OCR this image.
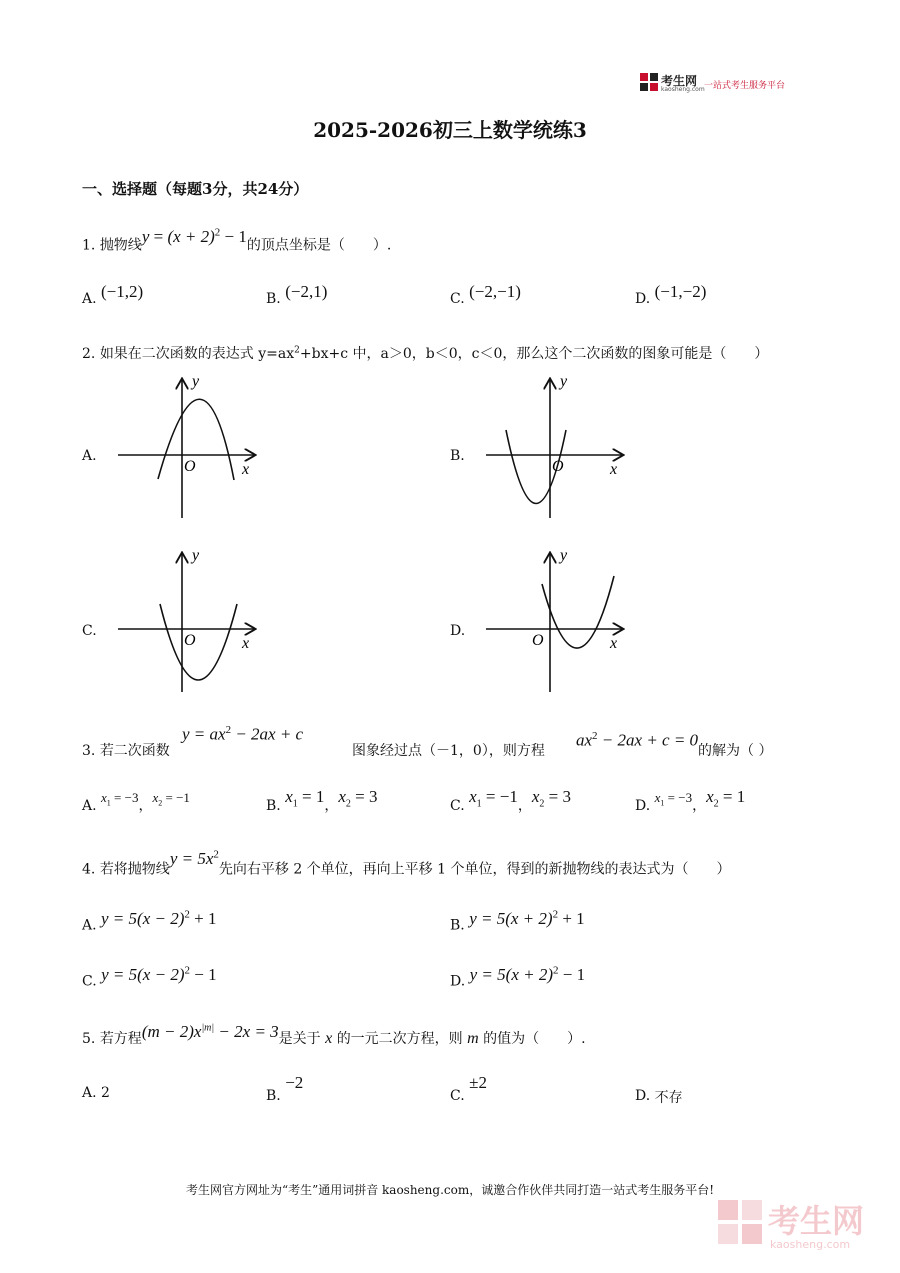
考生网
kaosheng.com 一站式考生服务平台
2025-2026初三上数学统练3
一、选择题（每题3分，共24分）
1. 抛物线$y = (x + 2)^2 - 1$的顶点坐标是（　　）.
A. (−1,2)	B. (−2,1)	C. (−2,−1)	D. (−1,−2)
2. 如果在二次函数的表达式 $y=ax^2+bx+c$ 中，a＞0，b＜0，c＜0，那么这个二次函数的图象可能是（　　）
A.
y
x
O
B.
y
x
O
C.
y
x
O
D.
y
x
O
3. 若二次函数
$y = ax^2 - 2ax + c$
图象经过点（－1，0），则方程
$ax^2 - 2ax + c = 0$
的解为（ ）
A. $x_1 = -3$，$x_2 = -1$
B. $x_1 = 1$，$x_2 = 3$	C. $x_1 = -1$，$x_2 = 3$	D. $x_1 = -3$，$x_2 = 1$
4. 若将抛物线$y = 5x^2$先向右平移 2 个单位，再向上平移 1 个单位，得到的新抛物线的表达式为（　　）
A. $y = 5(x - 2)^2 + 1$	B. $y = 5(x + 2)^2 + 1$
C. $y = 5(x - 2)^2 - 1$	D. $y = 5(x + 2)^2 - 1$
5. 若方程$(m - 2)x^{|m|} - 2x = 3$是关于 x 的一元二次方程，则 m 的值为（　　）.
A. 2	B. −2
C. ±2
D. 不存
考生网官方网址为“考生”通用词拼音 kaosheng.com，诚邀合作伙伴共同打造一站式考生服务平台!
考生网
kaosheng.com
